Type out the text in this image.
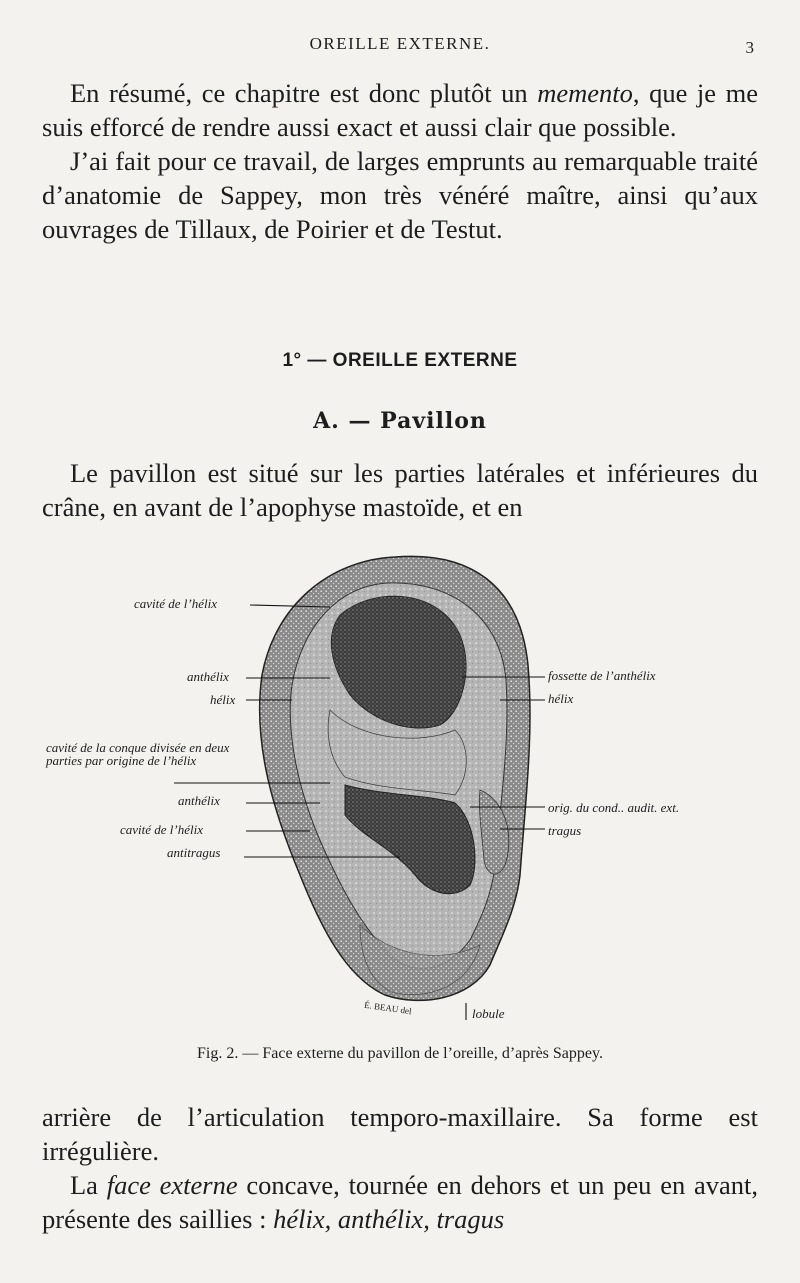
OREILLE EXTERNE.	3

En résumé, ce chapitre est donc plutôt un memento, que je me suis efforcé de rendre aussi exact et aussi clair que possible.

J’ai fait pour ce travail, de larges emprunts au remarquable traité d’anatomie de Sappey, mon très vénéré maître, ainsi qu’aux ouvrages de Tillaux, de Poirier et de Testut.

1° — OREILLE EXTERNE
A. — Pavillon

Le pavillon est situé sur les parties latérales et inférieures du crâne, en avant de l’apophyse mastoïde, et en

cavité de l’hélix
anthélix
hélix
cavité de la conque divisée en deux parties par origine de l’hélix
anthélix
cavité de l’hélix
antitragus
fossette de l’anthélix
hélix
orig. du cond.. audit. ext.
tragus
lobule
É. BEAU del
Fig. 2. — Face externe du pavillon de l’oreille, d’après Sappey.

arrière de l’articulation temporo-maxillaire. Sa forme est irrégulière.

La face externe concave, tournée en dehors et un peu en avant, présente des saillies : hélix, anthélix, tragus
